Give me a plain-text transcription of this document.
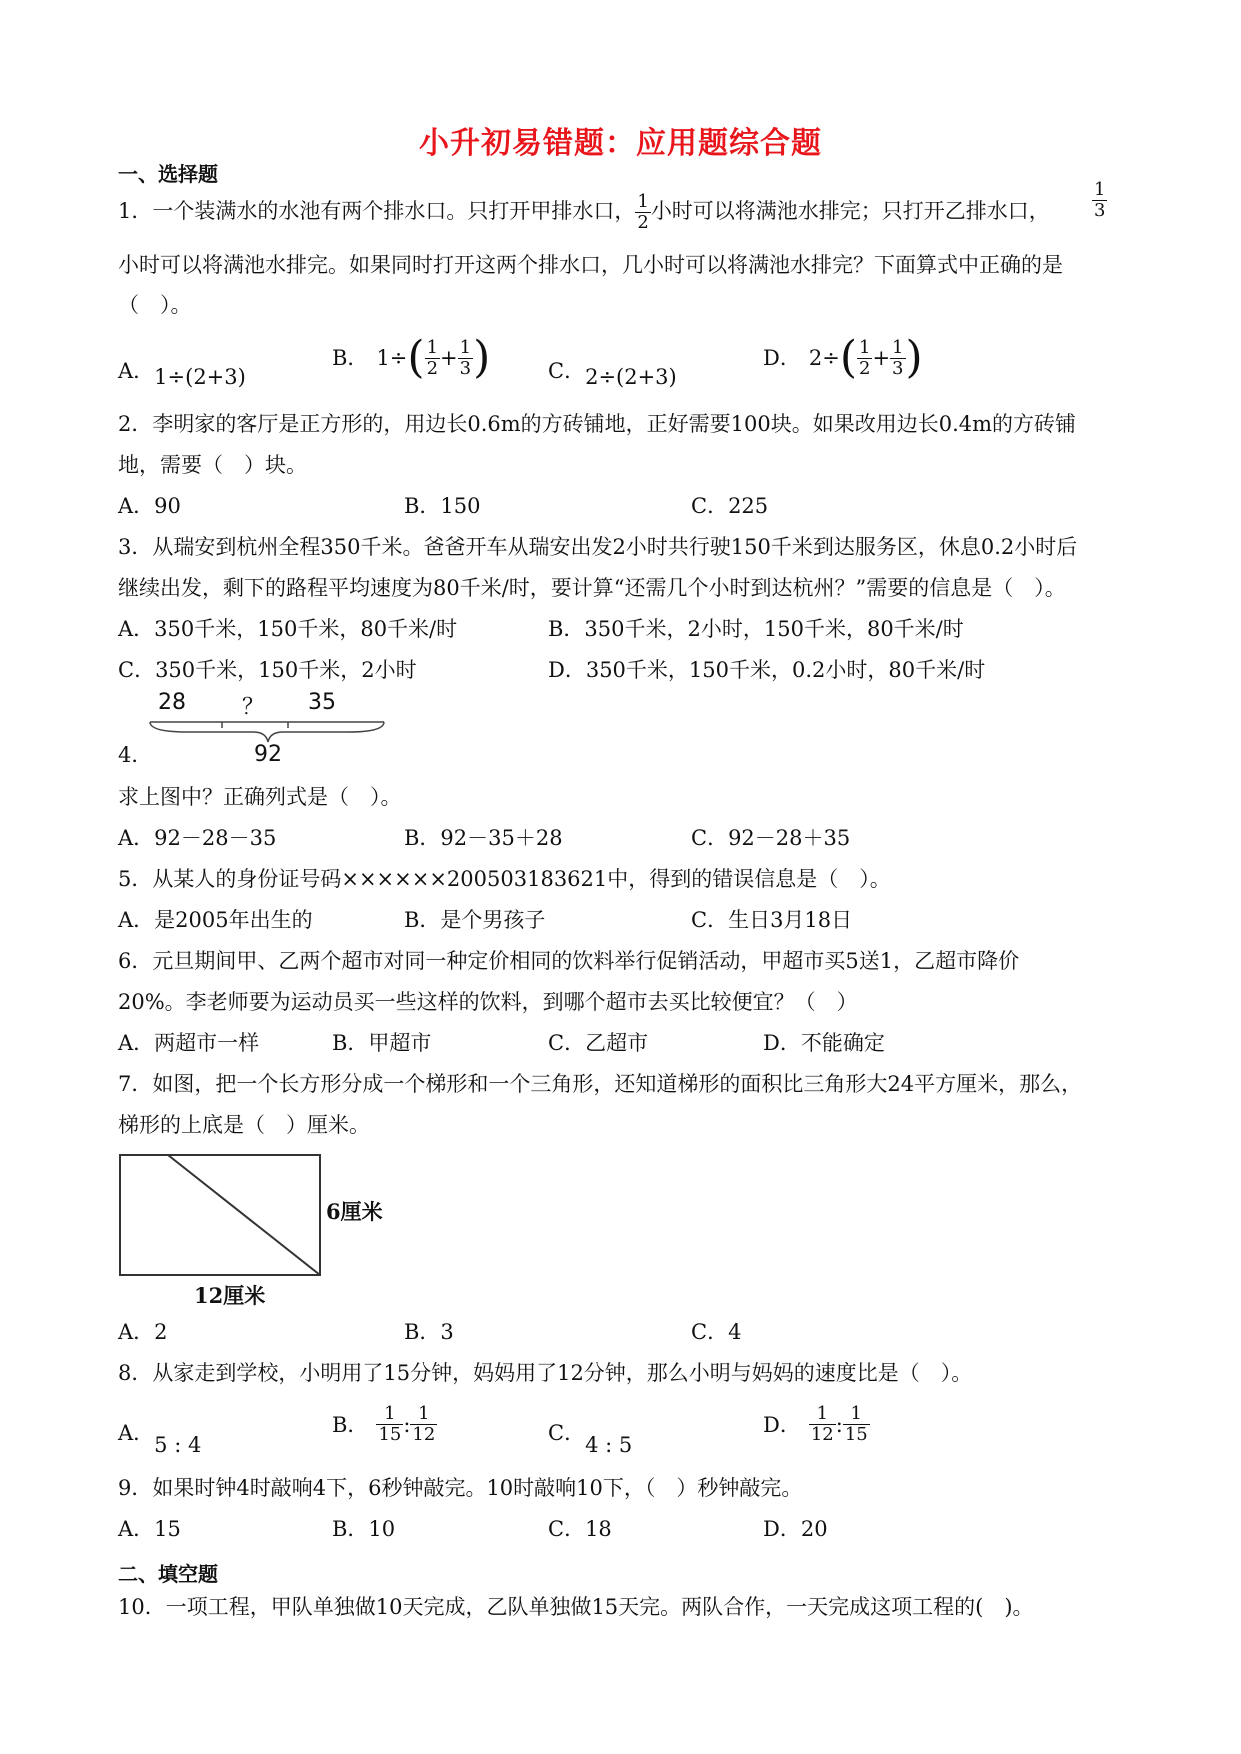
小升初易错题：应用题综合题
一、选择题
1．一个装满水的水池有两个排水口。只打开甲排水口， $\frac{1}{2}$ 小时可以将满池水排完；只打开乙排水口， $\frac{1}{3}$
小时可以将满池水排完。如果同时打开这两个排水口，几小时可以将满池水排完？下面算式中正确的是
（　）。
A．1÷(2+3)
B． 1÷ ( $\frac{1}{2} + \frac{1}{3}$ )	C．2÷(2+3)
D． 2÷ ( $\frac{1}{2} + \frac{1}{3}$ )
2．李明家的客厅是正方形的，用边长0.6m的方砖铺地，正好需要100块。如果改用边长0.4m的方砖铺
地，需要（　）块。
A．90	B．150	C．225
3．从瑞安到杭州全程350千米。爸爸开车从瑞安出发2小时共行驶150千米到达服务区，休息0.2小时后
继续出发，剩下的路程平均速度为80千米/时，要计算“还需几个小时到达杭州？”需要的信息是（　）。
A．350千米，150千米，80千米/时	B．350千米，2小时，150千米，80千米/时
C．350千米，150千米，2小时	D．350千米，150千米，0.2小时，80千米/时
28	？ 35
92
4．
求上图中？正确列式是（　）。
A．92－28－35	B．92－35＋28	C．92－28＋35
5．从某人的身份证号码××××××200503183621中，得到的错误信息是（　）。
A．是2005年出生的	B．是个男孩子	C．生日3月18日
6．元旦期间甲、乙两个超市对同一种定价相同的饮料举行促销活动，甲超市买5送1，乙超市降价
20%。李老师要为运动员买一些这样的饮料，到哪个超市去买比较便宜？（　）
A．两超市一样	B．甲超市	C．乙超市	D．不能确定
7．如图，把一个长方形分成一个梯形和一个三角形，还知道梯形的面积比三角形大24平方厘米，那么，
梯形的上底是（　）厘米。
6厘米
12厘米
A．2	B．3	C．4
8．从家走到学校，小明用了15分钟，妈妈用了12分钟，那么小明与妈妈的速度比是（　）。
A．5 : 4
B． $\frac{1}{15}$ : $\frac{1}{12}$	C．4 : 5
D． $\frac{1}{12}$ : $\frac{1}{15}$
9．如果时钟4时敲响4下，6秒钟敲完。10时敲响10下，（　）秒钟敲完。
A．15	B．10	C．18	D．20
二、填空题
10．一项工程，甲队单独做10天完成，乙队单独做15天完。两队合作，一天完成这项工程的(　)。
